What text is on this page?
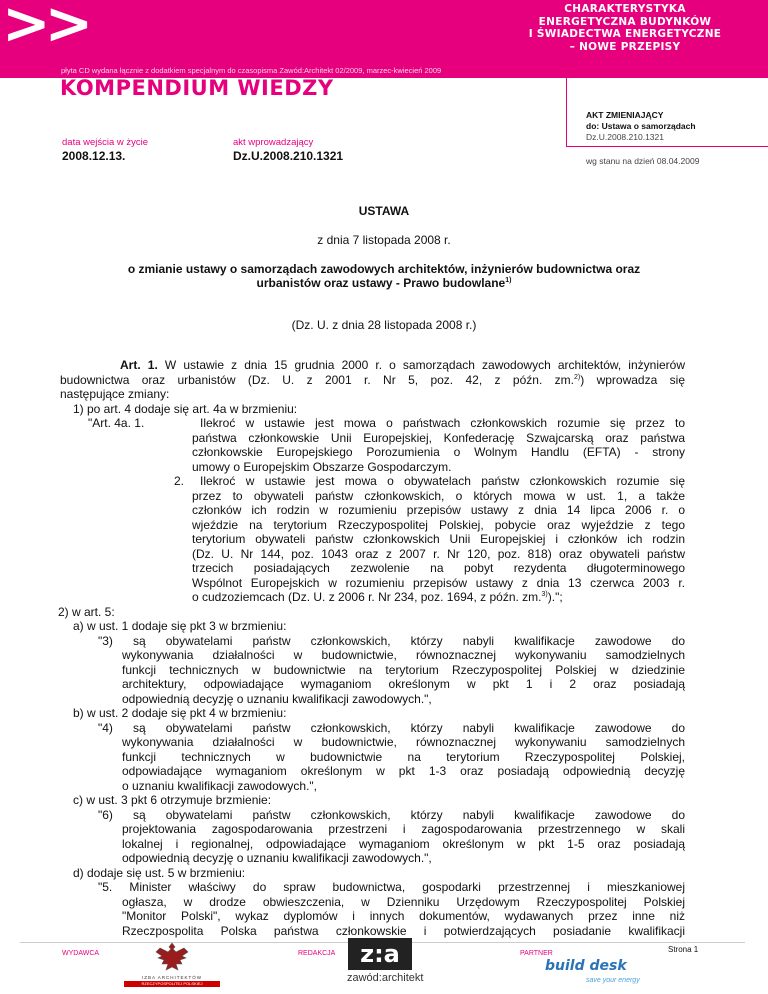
>>
płyta CD wydana łącznie z dodatkiem specjalnym do czasopisma Zawód:Architekt 02/2009, marzec-kwiecień 2009
CHARAKTERYSTYKA
ENERGETYCZNA BUDYNKÓW
I ŚWIADECTWA ENERGETYCZNE
– NOWE PRZEPISY
KOMPENDIUM WIEDZY
AKT ZMIENIAJĄCY
do: Ustawa o samorządach
Dz.U.2008.210.1321
wg stanu na dzień 08.04.2009
data wejścia w życie
2008.12.13.
akt wprowadzający
Dz.U.2008.210.1321
USTAWA
z dnia 7 listopada 2008 r.
o zmianie ustawy o samorządach zawodowych architektów, inżynierów budownictwa oraz
urbanistów oraz ustawy - Prawo budowlane$^{1)}$
(Dz. U. z dnia 28 listopada 2008 r.)

Art. 1. W ustawie z dnia 15 grudnia 2000 r. o samorządach zawodowych architektów, inżynierów

budownictwa oraz urbanistów (Dz. U. z 2001 r. Nr 5, poz. 42, z późn. zm.$^{2)}$) wprowadza się

następujące zmiany:

1) po art. 4 dodaje się art. 4a w brzmieniu:

"Art. 4a. 1.	Ilekroć w ustawie jest mowa o państwach członkowskich rozumie się przez to

państwa członkowskie Unii Europejskiej, Konfederację Szwajcarską oraz państwa

członkowskie Europejskiego Porozumienia o Wolnym Handlu (EFTA) - strony

umowy o Europejskim Obszarze Gospodarczym.

2. Ilekroć w ustawie jest mowa o obywatelach państw członkowskich rozumie się

przez to obywateli państw członkowskich, o których mowa w ust. 1, a także

członków ich rodzin w rozumieniu przepisów ustawy z dnia 14 lipca 2006 r. o

wjeździe na terytorium Rzeczypospolitej Polskiej, pobycie oraz wyjeździe z tego

terytorium obywateli państw członkowskich Unii Europejskiej i członków ich rodzin

(Dz. U. Nr 144, poz. 1043 oraz z 2007 r. Nr 120, poz. 818) oraz obywateli państw

trzecich posiadających zezwolenie na pobyt rezydenta długoterminowego

Wspólnot Europejskich w rozumieniu przepisów ustawy z dnia 13 czerwca 2003 r.

o cudzoziemcach (Dz. U. z 2006 r. Nr 234, poz. 1694, z późn. zm.$^{3)}$).";

2) w art. 5:

a) w ust. 1 dodaje się pkt 3 w brzmieniu:

"3) są obywatelami państw członkowskich, którzy nabyli kwalifikacje zawodowe do

wykonywania działalności w budownictwie, równoznacznej wykonywaniu samodzielnych

funkcji technicznych w budownictwie na terytorium Rzeczypospolitej Polskiej w dziedzinie

architektury, odpowiadające wymaganiom określonym w pkt 1 i 2 oraz posiadają

odpowiednią decyzję o uznaniu kwalifikacji zawodowych.",

b) w ust. 2 dodaje się pkt 4 w brzmieniu:

"4) są obywatelami państw członkowskich, którzy nabyli kwalifikacje zawodowe do

wykonywania działalności w budownictwie, równoznacznej wykonywaniu samodzielnych

funkcji technicznych w budownictwie na terytorium Rzeczypospolitej Polskiej,

odpowiadające wymaganiom określonym w pkt 1-3 oraz posiadają odpowiednią decyzję

o uznaniu kwalifikacji zawodowych.",

c) w ust. 3 pkt 6 otrzymuje brzmienie:

"6) są obywatelami państw członkowskich, którzy nabyli kwalifikacje zawodowe do

projektowania zagospodarowania przestrzeni i zagospodarowania przestrzennego w skali

lokalnej i regionalnej, odpowiadające wymaganiom określonym w pkt 1-5 oraz posiadają

odpowiednią decyzję o uznaniu kwalifikacji zawodowych.",

d) dodaje się ust. 5 w brzmieniu:

"5. Minister właściwy do spraw budownictwa, gospodarki przestrzennej i mieszkaniowej

ogłasza, w drodze obwieszczenia, w Dzienniku Urzędowym Rzeczypospolitej Polskiej

"Monitor Polski", wykaz dyplomów i innych dokumentów, wydawanych przez inne niż

Rzeczpospolita Polska państwa członkowskie i potwierdzających posiadanie kwalifikacji

Strona 1
WYDAWCA	REDAKCJA	PARTNER
IZBA ARCHITEKTÓW
RZECZYPOSPOLITEJ POLSKIEJ
z:a
zawód:architekt
build desk
save your energy
